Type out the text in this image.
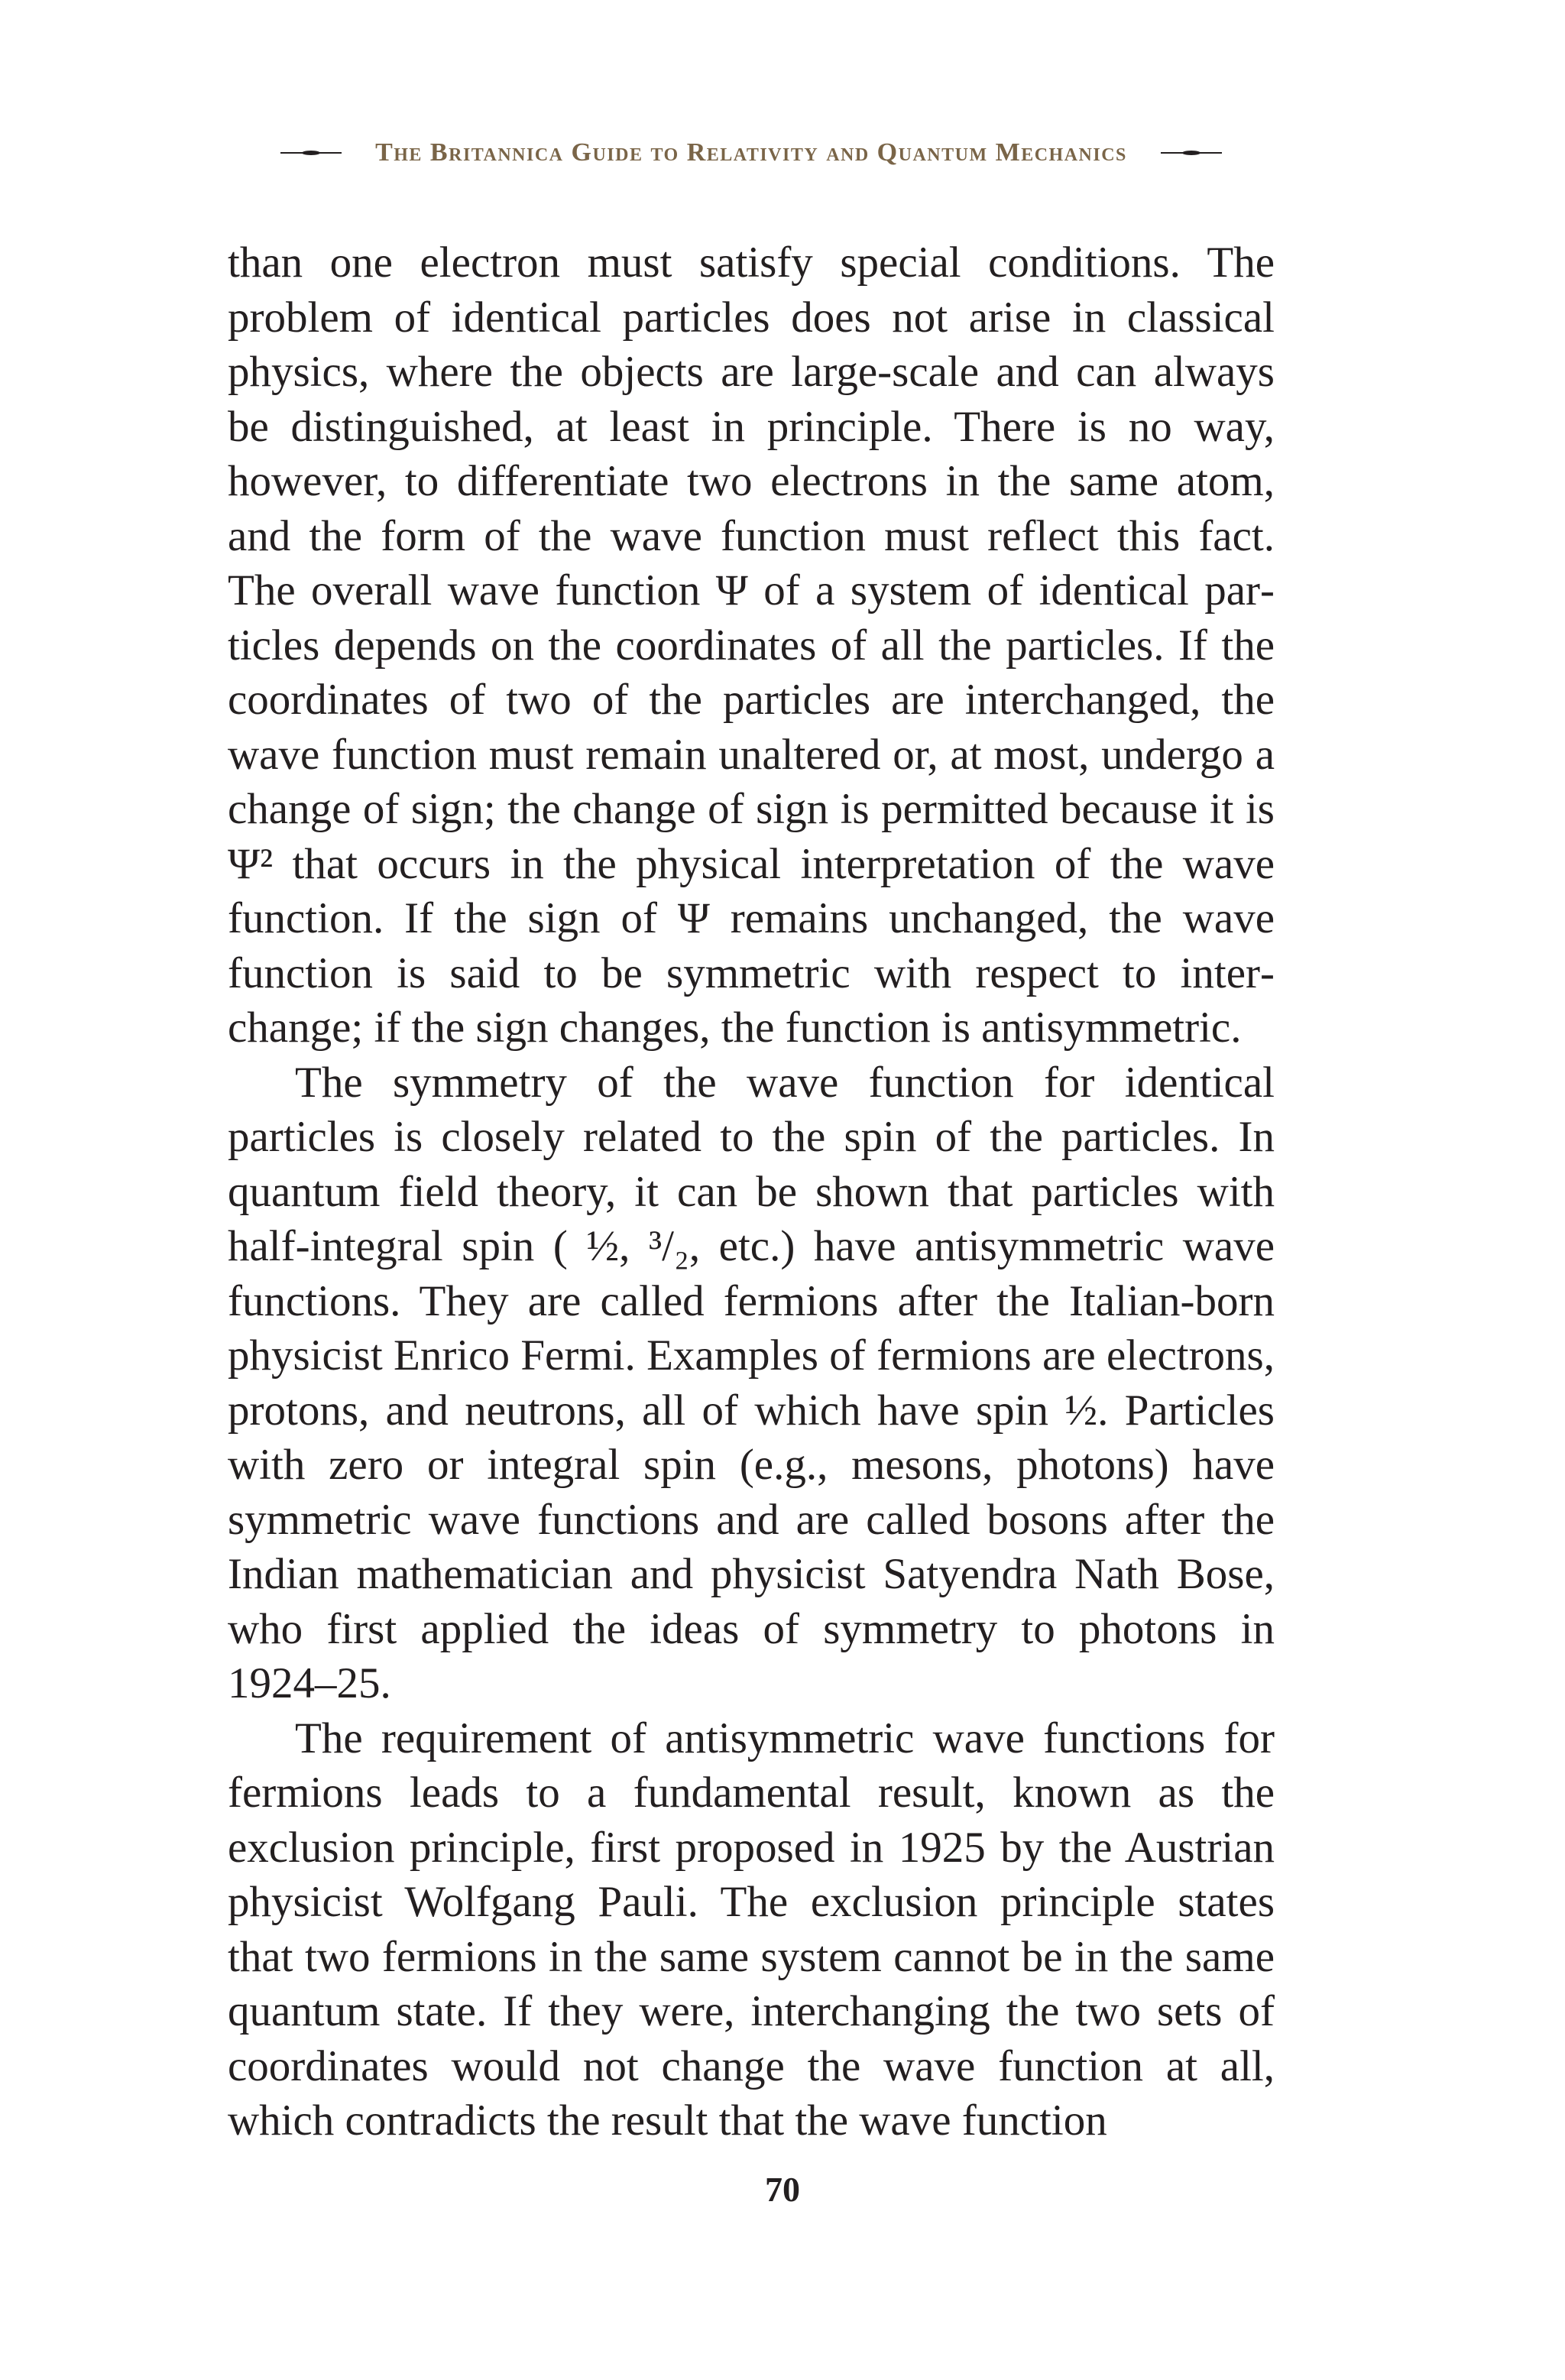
The Britannica Guide to Relativity and Quantum Mechanics

than one electron must satisfy special conditions. The problem of identical particles does not arise in classical physics, where the objects are large-scale and can always be distinguished, at least in principle. There is no way, however, to differentiate two electrons in the same atom, and the form of the wave function must reflect this fact. The overall wave function Ψ of a system of identical particles depends on the coordinates of all the particles. If the coordinates of two of the particles are interchanged, the wave function must remain unaltered or, at most, undergo a change of sign; the change of sign is permitted because it is Ψ² that occurs in the physical interpretation of the wave function. If the sign of Ψ remains unchanged, the wave function is said to be symmetric with respect to interchange; if the sign changes, the function is antisymmetric.

The symmetry of the wave function for identical particles is closely related to the spin of the particles. In quantum field theory, it can be shown that particles with half-integral spin ( ½, ³/₂, etc.) have antisymmetric wave functions. They are called fermions after the Italian-born physicist Enrico Fermi. Examples of fermions are electrons, protons, and neutrons, all of which have spin ½. Particles with zero or integral spin (e.g., mesons, photons) have symmetric wave functions and are called bosons after the Indian mathematician and physicist Satyendra Nath Bose, who first applied the ideas of symmetry to photons in 1924–25.

The requirement of antisymmetric wave functions for fermions leads to a fundamental result, known as the exclusion principle, first proposed in 1925 by the Austrian physicist Wolfgang Pauli. The exclusion principle states that two fermions in the same system cannot be in the same quantum state. If they were, interchanging the two sets of coordinates would not change the wave function at all, which contradicts the result that the wave function

70
